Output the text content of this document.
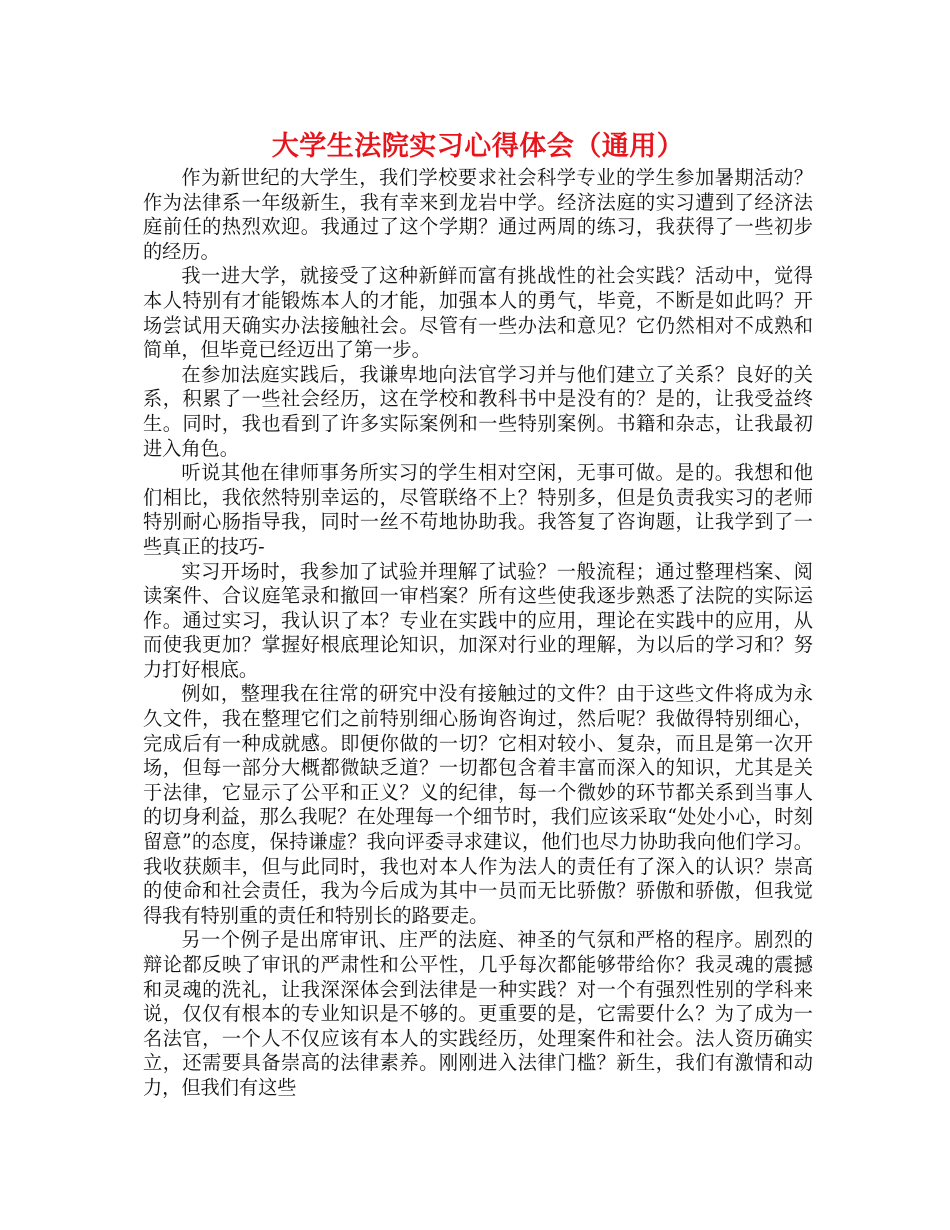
大学生法院实习心得体会（通用）

作为新世纪的大学生，我们学校要求社会科学专业的学生参加暑期活动？作为法律系一年级新生，我有幸来到龙岩中学。经济法庭的实习遭到了经济法庭前任的热烈欢迎。我通过了这个学期？通过两周的练习，我获得了一些初步的经历。

我一进大学，就接受了这种新鲜而富有挑战性的社会实践？活动中，觉得本人特别有才能锻炼本人的才能，加强本人的勇气，毕竟，不断是如此吗？开场尝试用天确实办法接触社会。尽管有一些办法和意见？它仍然相对不成熟和简单，但毕竟已经迈出了第一步。

在参加法庭实践后，我谦卑地向法官学习并与他们建立了关系？良好的关系，积累了一些社会经历，这在学校和教科书中是没有的？是的，让我受益终生。同时，我也看到了许多实际案例和一些特别案例。书籍和杂志，让我最初进入角色。

听说其他在律师事务所实习的学生相对空闲，无事可做。是的。我想和他们相比，我依然特别幸运的，尽管联络不上？特别多，但是负责我实习的老师特别耐心肠指导我，同时一丝不苟地协助我。我答复了咨询题，让我学到了一些真正的技巧-

实习开场时，我参加了试验并理解了试验？一般流程；通过整理档案、阅读案件、合议庭笔录和撤回一审档案？所有这些使我逐步熟悉了法院的实际运作。通过实习，我认识了本？专业在实践中的应用，理论在实践中的应用，从而使我更加？掌握好根底理论知识，加深对行业的理解，为以后的学习和？努力打好根底。

例如，整理我在往常的研究中没有接触过的文件？由于这些文件将成为永久文件，我在整理它们之前特别细心肠询咨询过，然后呢？我做得特别细心，完成后有一种成就感。即便你做的一切？它相对较小、复杂，而且是第一次开场，但每一部分大概都微缺乏道？一切都包含着丰富而深入的知识，尤其是关于法律，它显示了公平和正义？义的纪律，每一个微妙的环节都关系到当事人的切身利益，那么我呢？在处理每一个细节时，我们应该采取“处处小心，时刻留意”的态度，保持谦虚？我向评委寻求建议，他们也尽力协助我向他们学习。我收获颇丰，但与此同时，我也对本人作为法人的责任有了深入的认识？崇高的使命和社会责任，我为今后成为其中一员而无比骄傲？骄傲和骄傲，但我觉得我有特别重的责任和特别长的路要走。

另一个例子是出席审讯、庄严的法庭、神圣的气氛和严格的程序。剧烈的辩论都反映了审讯的严肃性和公平性，几乎每次都能够带给你？我灵魂的震撼和灵魂的洗礼，让我深深体会到法律是一种实践？对一个有强烈性别的学科来说，仅仅有根本的专业知识是不够的。更重要的是，它需要什么？为了成为一名法官，一个人不仅应该有本人的实践经历，处理案件和社会。法人资历确实立，还需要具备崇高的法律素养。刚刚进入法律门槛？新生，我们有激情和动力，但我们有这些
